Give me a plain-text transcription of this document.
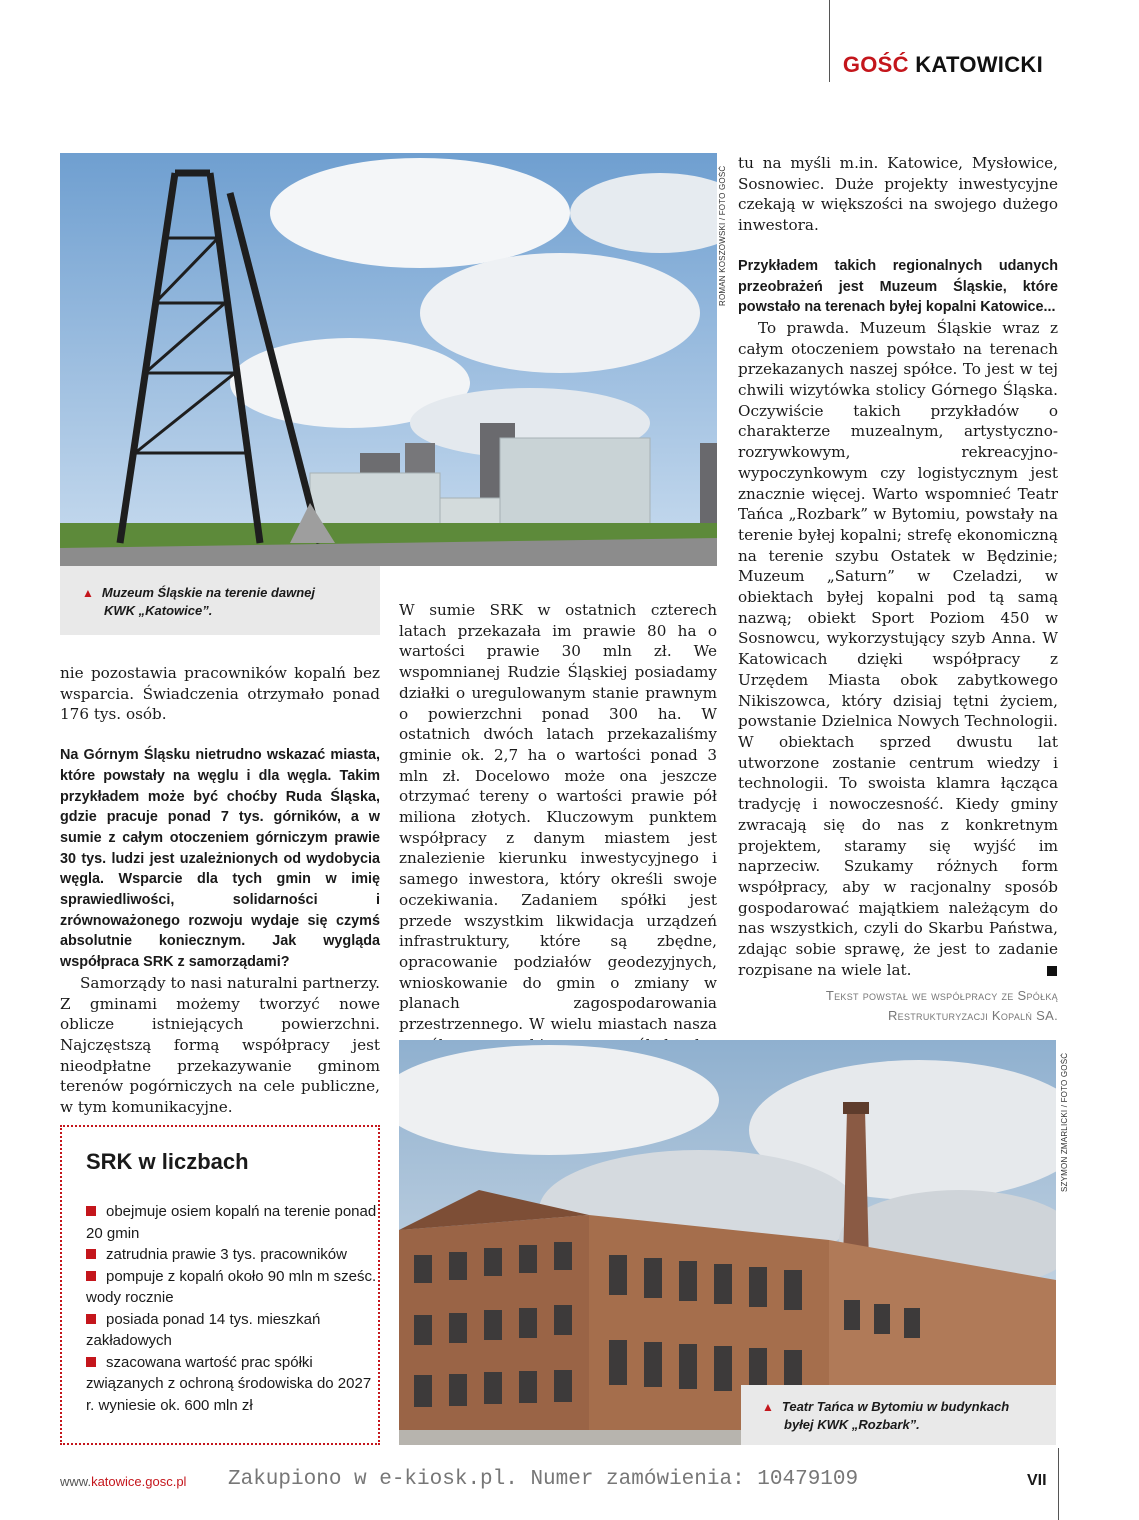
GOŚĆ KATOWICKI
ROMAN KOSZOWSKI / FOTO GOŚĆ
▲ Muzeum Śląskie na terenie dawnej
KWK „Katowice”.

nie pozostawia pracowników kopalń bez wsparcia. Świadczenia otrzymało ponad 176 tys. osób.

Na Górnym Śląsku nietrudno wskazać miasta, które powstały na węglu i dla węgla. Takim przykładem może być choćby Ruda Śląska, gdzie pracuje ponad 7 tys. górników, a w sumie z całym otoczeniem górniczym prawie 30 tys. ludzi jest uzależnionych od wydobycia węgla. Wsparcie dla tych gmin w imię sprawiedliwości, solidarności i zrównoważonego rozwoju wydaje się czymś absolutnie koniecznym. Jak wygląda współpraca SRK z samorządami?

Samorządy to nasi naturalni partnerzy. Z gminami możemy tworzyć nowe oblicze istniejących powierzchni. Najczęstszą formą współpracy jest nieodpłatne przekazywanie gminom terenów pogórniczych na cele publiczne, w tym komunikacyjne.

W sumie SRK w ostatnich czterech latach przekazała im prawie 80 ha o wartości prawie 30 mln zł. We wspomnianej Rudzie Śląskiej posiadamy działki o uregulowanym stanie prawnym o powierzchni ponad 300 ha. W ostatnich dwóch latach przekazaliśmy gminie ok. 2,7 ha o wartości ponad 3 mln zł. Docelowo może ona jeszcze otrzymać tereny o wartości prawie pół miliona złotych. Kluczowym punktem współpracy z danym miastem jest znalezienie kierunku inwestycyjnego i samego inwestora, który określi swoje oczekiwania. Zadaniem spółki jest przede wszystkim likwidacja urządzeń infrastruktury, które są zbędne, opracowanie podziałów geodezyjnych, wnioskowanie do gmin o zmiany w planach zagospodarowania przestrzennego. W wielu miastach nasza

tu na myśli m.in. Katowice, Mysłowice, Sosnowiec. Duże projekty inwestycyjne czekają w większości na swojego dużego inwestora.

Przykładem takich regionalnych udanych przeobrażeń jest Muzeum Śląskie, które powstało na terenach byłej kopalni Katowice...

To prawda. Muzeum Śląskie wraz z całym otoczeniem powstało na terenach przekazanych naszej spółce. To jest w tej chwili wizytówka stolicy Górnego Śląska. Oczywiście takich przykładów o charakterze muzealnym, artystyczno-rozrywkowym, rekreacyjno-wypoczynkowym czy logistycznym jest znacznie więcej. Warto wspomnieć Teatr Tańca „Rozbark” w Bytomiu, powstały na terenie byłej kopalni; strefę ekonomiczną na terenie szybu Ostatek w Będzinie; Muzeum „Saturn” w Czeladzi, w obiektach byłej kopalni pod tą samą nazwą; obiekt Sport Poziom 450 w Sosnowcu, wykorzystujący szyb Anna. W Katowicach dzięki współpracy z Urzędem Miasta obok zabytkowego Nikiszowca, który dzisiaj tętni życiem, powstanie Dzielnica Nowych Technologii. W obiektach sprzed dwustu lat utworzone zostanie centrum wiedzy i technologii. To swoista klamra łącząca tradycję i nowoczesność. Kiedy gminy zwracają się do nas z konkretnym projektem, staramy się wyjść im naprzeciw. Szukamy różnych form współpracy, aby w racjonalny sposób gospodarować majątkiem należącym do nas wszystkich, czyli do Skarbu Państwa, zdając sobie sprawę, że jest to zadanie rozpisane na wiele lat.

Tekst powstał we współpracy ze Spółką
Restrukturyzacji Kopalń SA.
SZYMON ZMARLICKI / FOTO GOŚĆ
▲ Teatr Tańca w Bytomiu w budynkach
byłej KWK „Rozbark”.
SRK w liczbach
obejmuje osiem kopalń na terenie ponad 20 gmin
zatrudnia prawie 3 tys. pracowników
pompuje z kopalń około 90 mln m sześc. wody rocznie
posiada ponad 14 tys. mieszkań zakładowych
szacowana wartość prac spółki związanych z ochroną środowiska do 2027 r. wyniesie ok. 600 mln zł
www.katowice.gosc.pl Zakupiono w e-kiosk.pl. Numer zamówienia: 10479109	VII
